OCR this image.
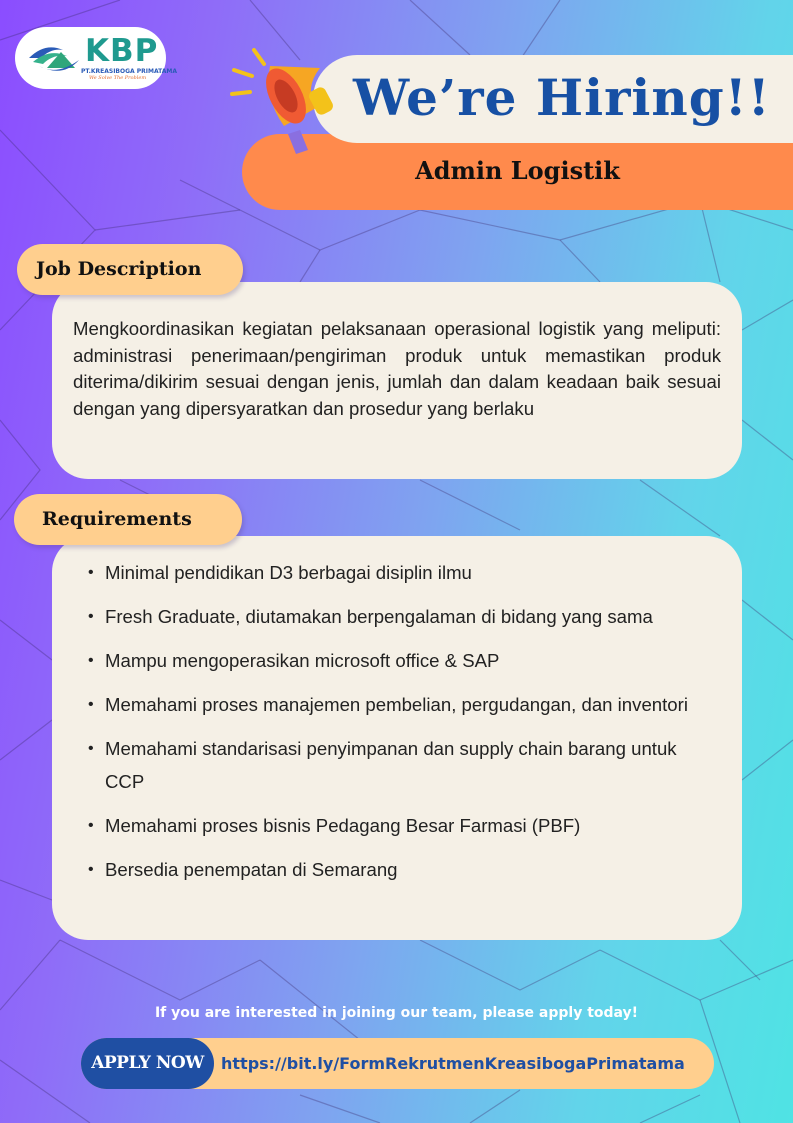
KBP
PT.KREASIBOGA PRIMATAMA
We Solve The Problem
Admin Logistik
We’re Hiring!!

Mengkoordinasikan kegiatan pelaksanaan operasional logistik yang meliputi: administrasi penerimaan/pengiriman produk untuk memastikan produk diterima/dikirim sesuai dengan jenis, jumlah dan dalam keadaan baik sesuai dengan yang dipersyaratkan dan prosedur yang berlaku

Job Description
• Minimal pendidikan D3 berbagai disiplin ilmu
• Fresh Graduate, diutamakan berpengalaman di bidang yang sama
• Mampu mengoperasikan microsoft office & SAP
• Memahami proses manajemen pembelian, pergudangan, dan inventori
• Memahami standarisasi penyimpanan dan supply chain barang untuk CCP
• Memahami proses bisnis Pedagang Besar Farmasi (PBF)
• Bersedia penempatan di Semarang
Requirements
If you are interested in joining our team, please apply today!
APPLY NOW	https://bit.ly/FormRekrutmenKreasibogaPrimatama
